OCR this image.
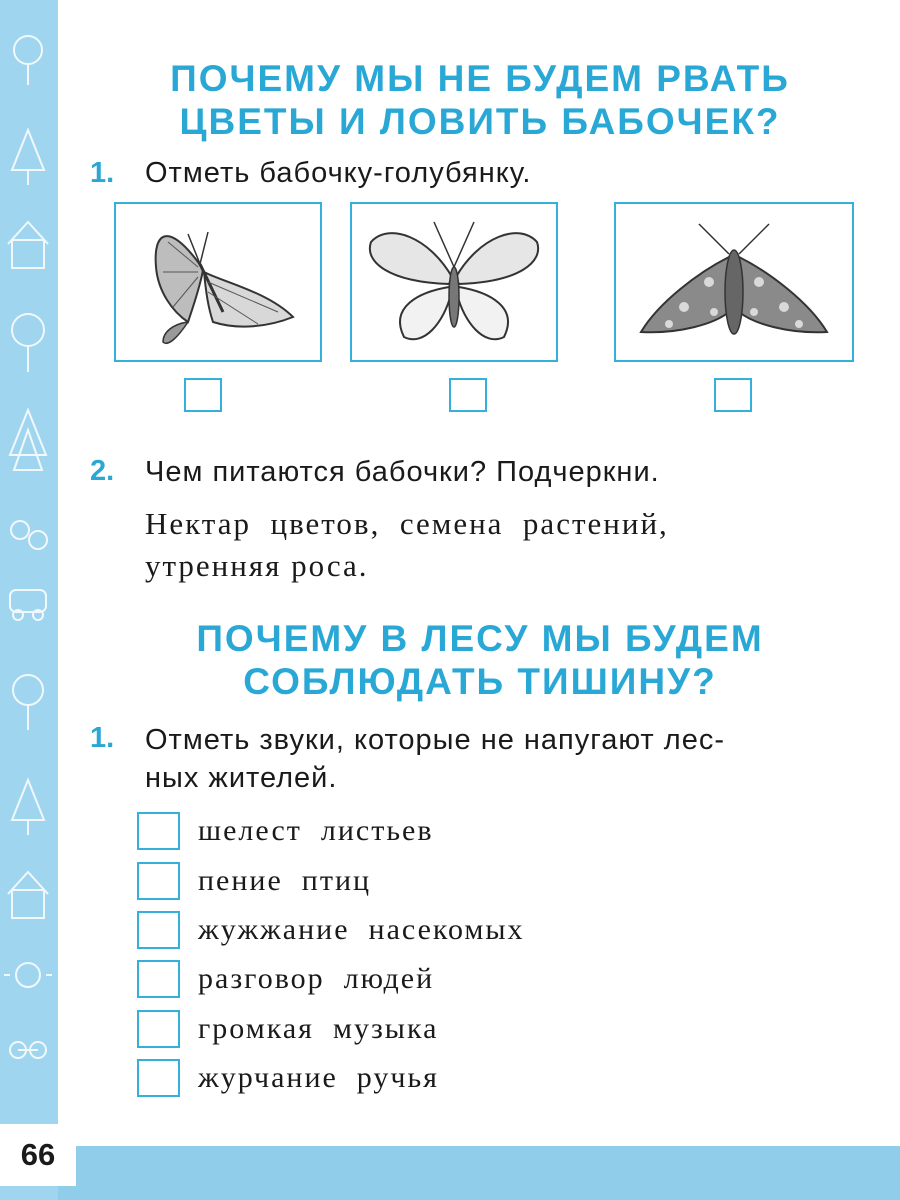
66
ПОЧЕМУ МЫ НЕ БУДЕМ РВАТЬ
ЦВЕТЫ И ЛОВИТЬ БАБОЧЕК?
1. Отметь бабочку-голубянку.
2. Чем питаются бабочки? Подчеркни.
Нектар  цветов,  семена  растений,
утренняя роса.
ПОЧЕМУ В ЛЕСУ МЫ БУДЕМ
СОБЛЮДАТЬ ТИШИНУ?
1. Отметь звуки, которые не напугают лес-
ных жителей.
шелест  листьев
пение  птиц
жужжание  насекомых
разговор  людей
громкая  музыка
журчание  ручья
